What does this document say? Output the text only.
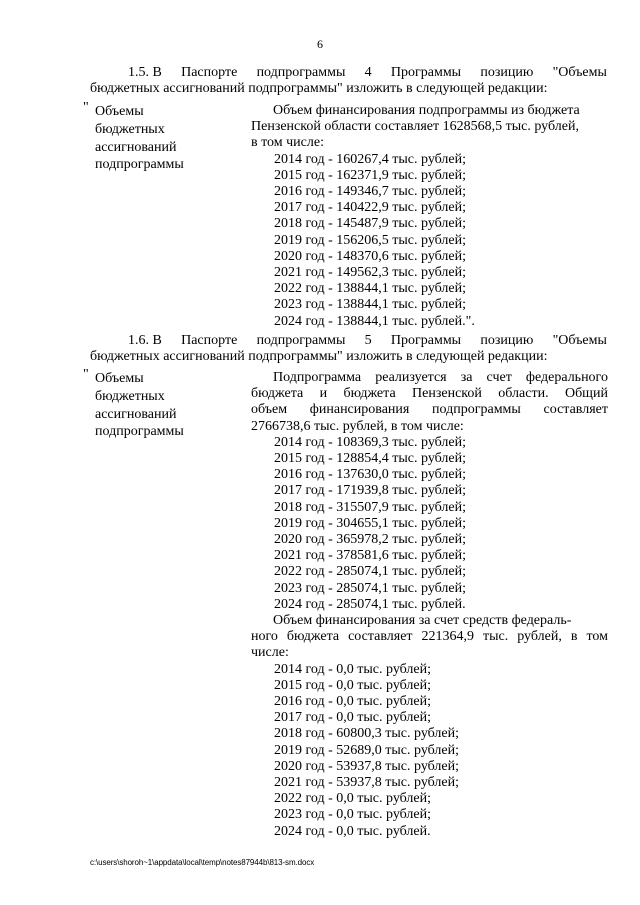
6
1.5. В Паспорте подпрограммы 4 Программы позицию "Объемы
бюджетных ассигнований подпрограммы" изложить в следующей редакции:
" Объемы
бюджетных
ассигнований
подпрограммы
Объем финансирования подпрограммы из бюджета
Пензенской области составляет 1628568,5 тыс. рублей,
в том числе:
2014 год - 160267,4 тыс. рублей;
2015 год - 162371,9 тыс. рублей;
2016 год - 149346,7 тыс. рублей;
2017 год - 140422,9 тыс. рублей;
2018 год - 145487,9 тыс. рублей;
2019 год - 156206,5 тыс. рублей;
2020 год - 148370,6 тыс. рублей;
2021 год - 149562,3 тыс. рублей;
2022 год - 138844,1 тыс. рублей;
2023 год - 138844,1 тыс. рублей;
2024 год - 138844,1 тыс. рублей.".
1.6. В Паспорте подпрограммы 5 Программы позицию "Объемы
бюджетных ассигнований подпрограммы" изложить в следующей редакции:
" Объемы
бюджетных
ассигнований
подпрограммы
Подпрограмма реализуется за счет федерального
бюджета и бюджета Пензенской области. Общий
объем финансирования подпрограммы составляет
2766738,6 тыс. рублей, в том числе:
2014 год - 108369,3 тыс. рублей;
2015 год - 128854,4 тыс. рублей;
2016 год - 137630,0 тыс. рублей;
2017 год - 171939,8 тыс. рублей;
2018 год - 315507,9 тыс. рублей;
2019 год - 304655,1 тыс. рублей;
2020 год - 365978,2 тыс. рублей;
2021 год - 378581,6 тыс. рублей;
2022 год - 285074,1 тыс. рублей;
2023 год - 285074,1 тыс. рублей;
2024 год - 285074,1 тыс. рублей.
Объем финансирования за счет средств федераль-
ного бюджета составляет 221364,9 тыс. рублей, в том
числе:
2014 год - 0,0 тыс. рублей;
2015 год - 0,0 тыс. рублей;
2016 год - 0,0 тыс. рублей;
2017 год - 0,0 тыс. рублей;
2018 год - 60800,3 тыс. рублей;
2019 год - 52689,0 тыс. рублей;
2020 год - 53937,8 тыс. рублей;
2021 год - 53937,8 тыс. рублей;
2022 год - 0,0 тыс. рублей;
2023 год - 0,0 тыс. рублей;
2024 год - 0,0 тыс. рублей.
c:\users\shoroh~1\appdata\local\temp\notes87944b\813-sm.docx
